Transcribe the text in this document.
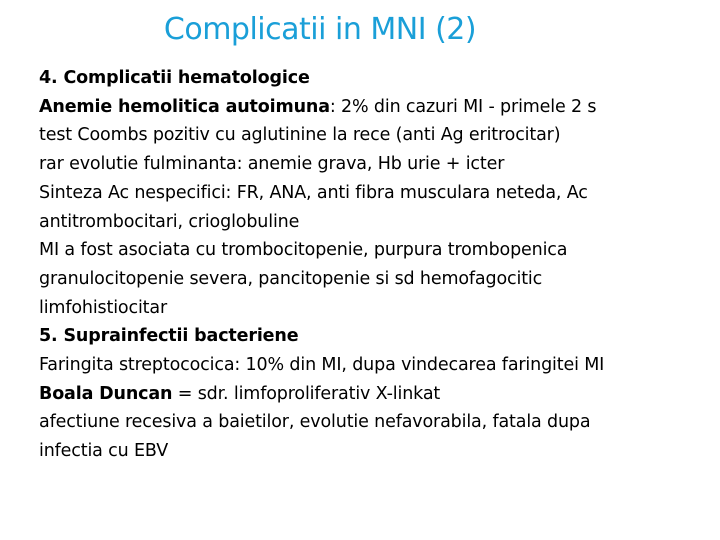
Complicatii in MNI (2)
4. Complicatii hematologice
Anemie hemolitica autoimuna: 2% din cazuri MI - primele 2 s
test Coombs pozitiv cu aglutinine la rece (anti Ag eritrocitar)
rar evolutie fulminanta: anemie grava, Hb urie + icter
Sinteza Ac nespecifici: FR, ANA, anti fibra musculara neteda, Ac
antitrombocitari, crioglobuline
MI a fost asociata cu trombocitopenie, purpura trombopenica
granulocitopenie severa, pancitopenie si sd hemofagocitic
limfohistiocitar
5. Suprainfectii bacteriene
Faringita streptococica: 10% din MI, dupa vindecarea faringitei MI
Boala Duncan = sdr. limfoproliferativ X-linkat
afectiune recesiva a baietilor, evolutie nefavorabila, fatala dupa
infectia cu EBV
